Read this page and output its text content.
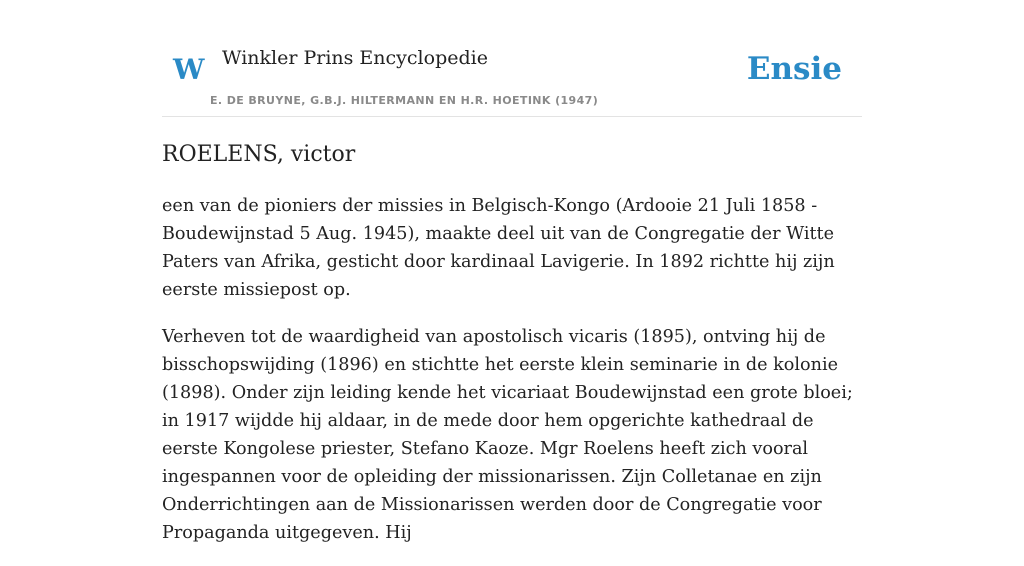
W Winkler Prins Encyclopedie
E. DE BRUYNE, G.B.J. HILTERMANN EN H.R. HOETINK (1947)
Ensie
ROELENS, victor

een van de pioniers der missies in Belgisch-Kongo (Ardooie 21 Juli 1858 - Boudewijnstad 5 Aug. 1945), maakte deel uit van de Congregatie der Witte Paters van Afrika, gesticht door kardinaal Lavigerie. In 1892 richtte hij zijn eerste missiepost op.

Verheven tot de waardigheid van apostolisch vicaris (1895), ontving hij de bisschopswijding (1896) en stichtte het eerste klein seminarie in de kolonie (1898). Onder zijn leiding kende het vicariaat Boudewijnstad een grote bloei; in 1917 wijdde hij aldaar, in de mede door hem opgerichte kathedraal de eerste Kongolese priester, Stefano Kaoze. Mgr Roelens heeft zich vooral ingespannen voor de opleiding der missionarissen. Zijn Colletanae en zijn Onderrichtingen aan de Missionarissen werden door de Congregatie voor Propaganda uitgegeven. Hij
